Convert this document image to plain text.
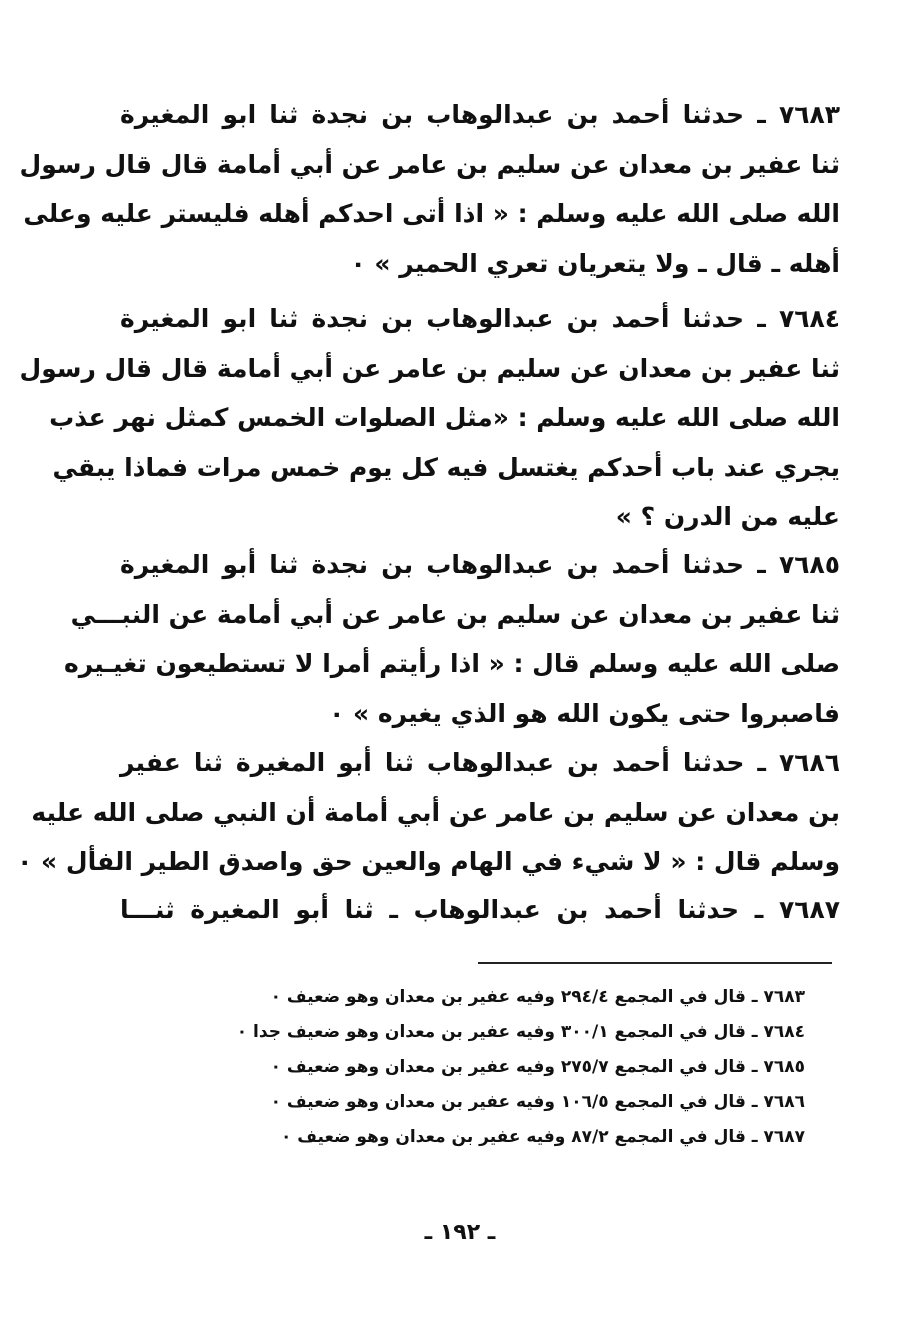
٧٦٨٣ ـ حدثنا أحمد بن عبدالوهاب بن نجدة ثنا ابو المغيرة
ثنا عفير بن معدان عن سليم بن عامر عن أبي أمامة قال قال رسول
الله صلى الله عليه وسلم : « اذا أتى احدكم أهله فليستر عليه وعلى
أهله ـ قال ـ ولا يتعريان تعري الحمير » ٠
٧٦٨٤ ـ حدثنا أحمد بن عبدالوهاب بن نجدة ثنا ابو المغيرة
ثنا عفير بن معدان عن سليم بن عامر عن أبي أمامة قال قال رسول
الله صلى الله عليه وسلم : «مثل الصلوات الخمس كمثل نهر عذب
يجري عند باب أحدكم يغتسل فيه كل يوم خمس مرات فماذا يبقي
عليه من الدرن ؟ »
٧٦٨٥ ـ حدثنا أحمد بن عبدالوهاب بن نجدة ثنا أبو المغيرة
ثنا عفير بن معدان عن سليم بن عامر عن أبي أمامة عن النبـــي
صلى الله عليه وسلم قال : « اذا رأيتم أمرا لا تستطيعون تغيـيره
فاصبروا حتى يكون الله هو الذي يغيره » ٠
٧٦٨٦ ـ حدثنا أحمد بن عبدالوهاب ثنا أبو المغيرة ثنا عفير
بن معدان عن سليم بن عامر عن أبي أمامة أن النبي صلى الله عليه
وسلم قال : « لا شيء في الهام والعين حق واصدق الطير الفأل » ٠
٧٦٨٧ ـ حدثنا أحمد بن عبدالوهاب ـ ثنا أبو المغيرة ثنـــا
٧٦٨٣ ـ قال في المجمع ٢٩٤/٤ وفيه عفير بن معدان وهو ضعيف ٠
٧٦٨٤ ـ قال في المجمع ٣٠٠/١ وفيه عفير بن معدان وهو ضعيف جدا ٠
٧٦٨٥ ـ قال في المجمع ٢٧٥/٧ وفيه عفير بن معدان وهو ضعيف ٠
٧٦٨٦ ـ قال في المجمع ١٠٦/٥ وفيه عفير بن معدان وهو ضعيف ٠
٧٦٨٧ ـ قال في المجمع ٨٧/٢ وفيه عفير بن معدان وهو ضعيف ٠
ـ ١٩٢ ـ
